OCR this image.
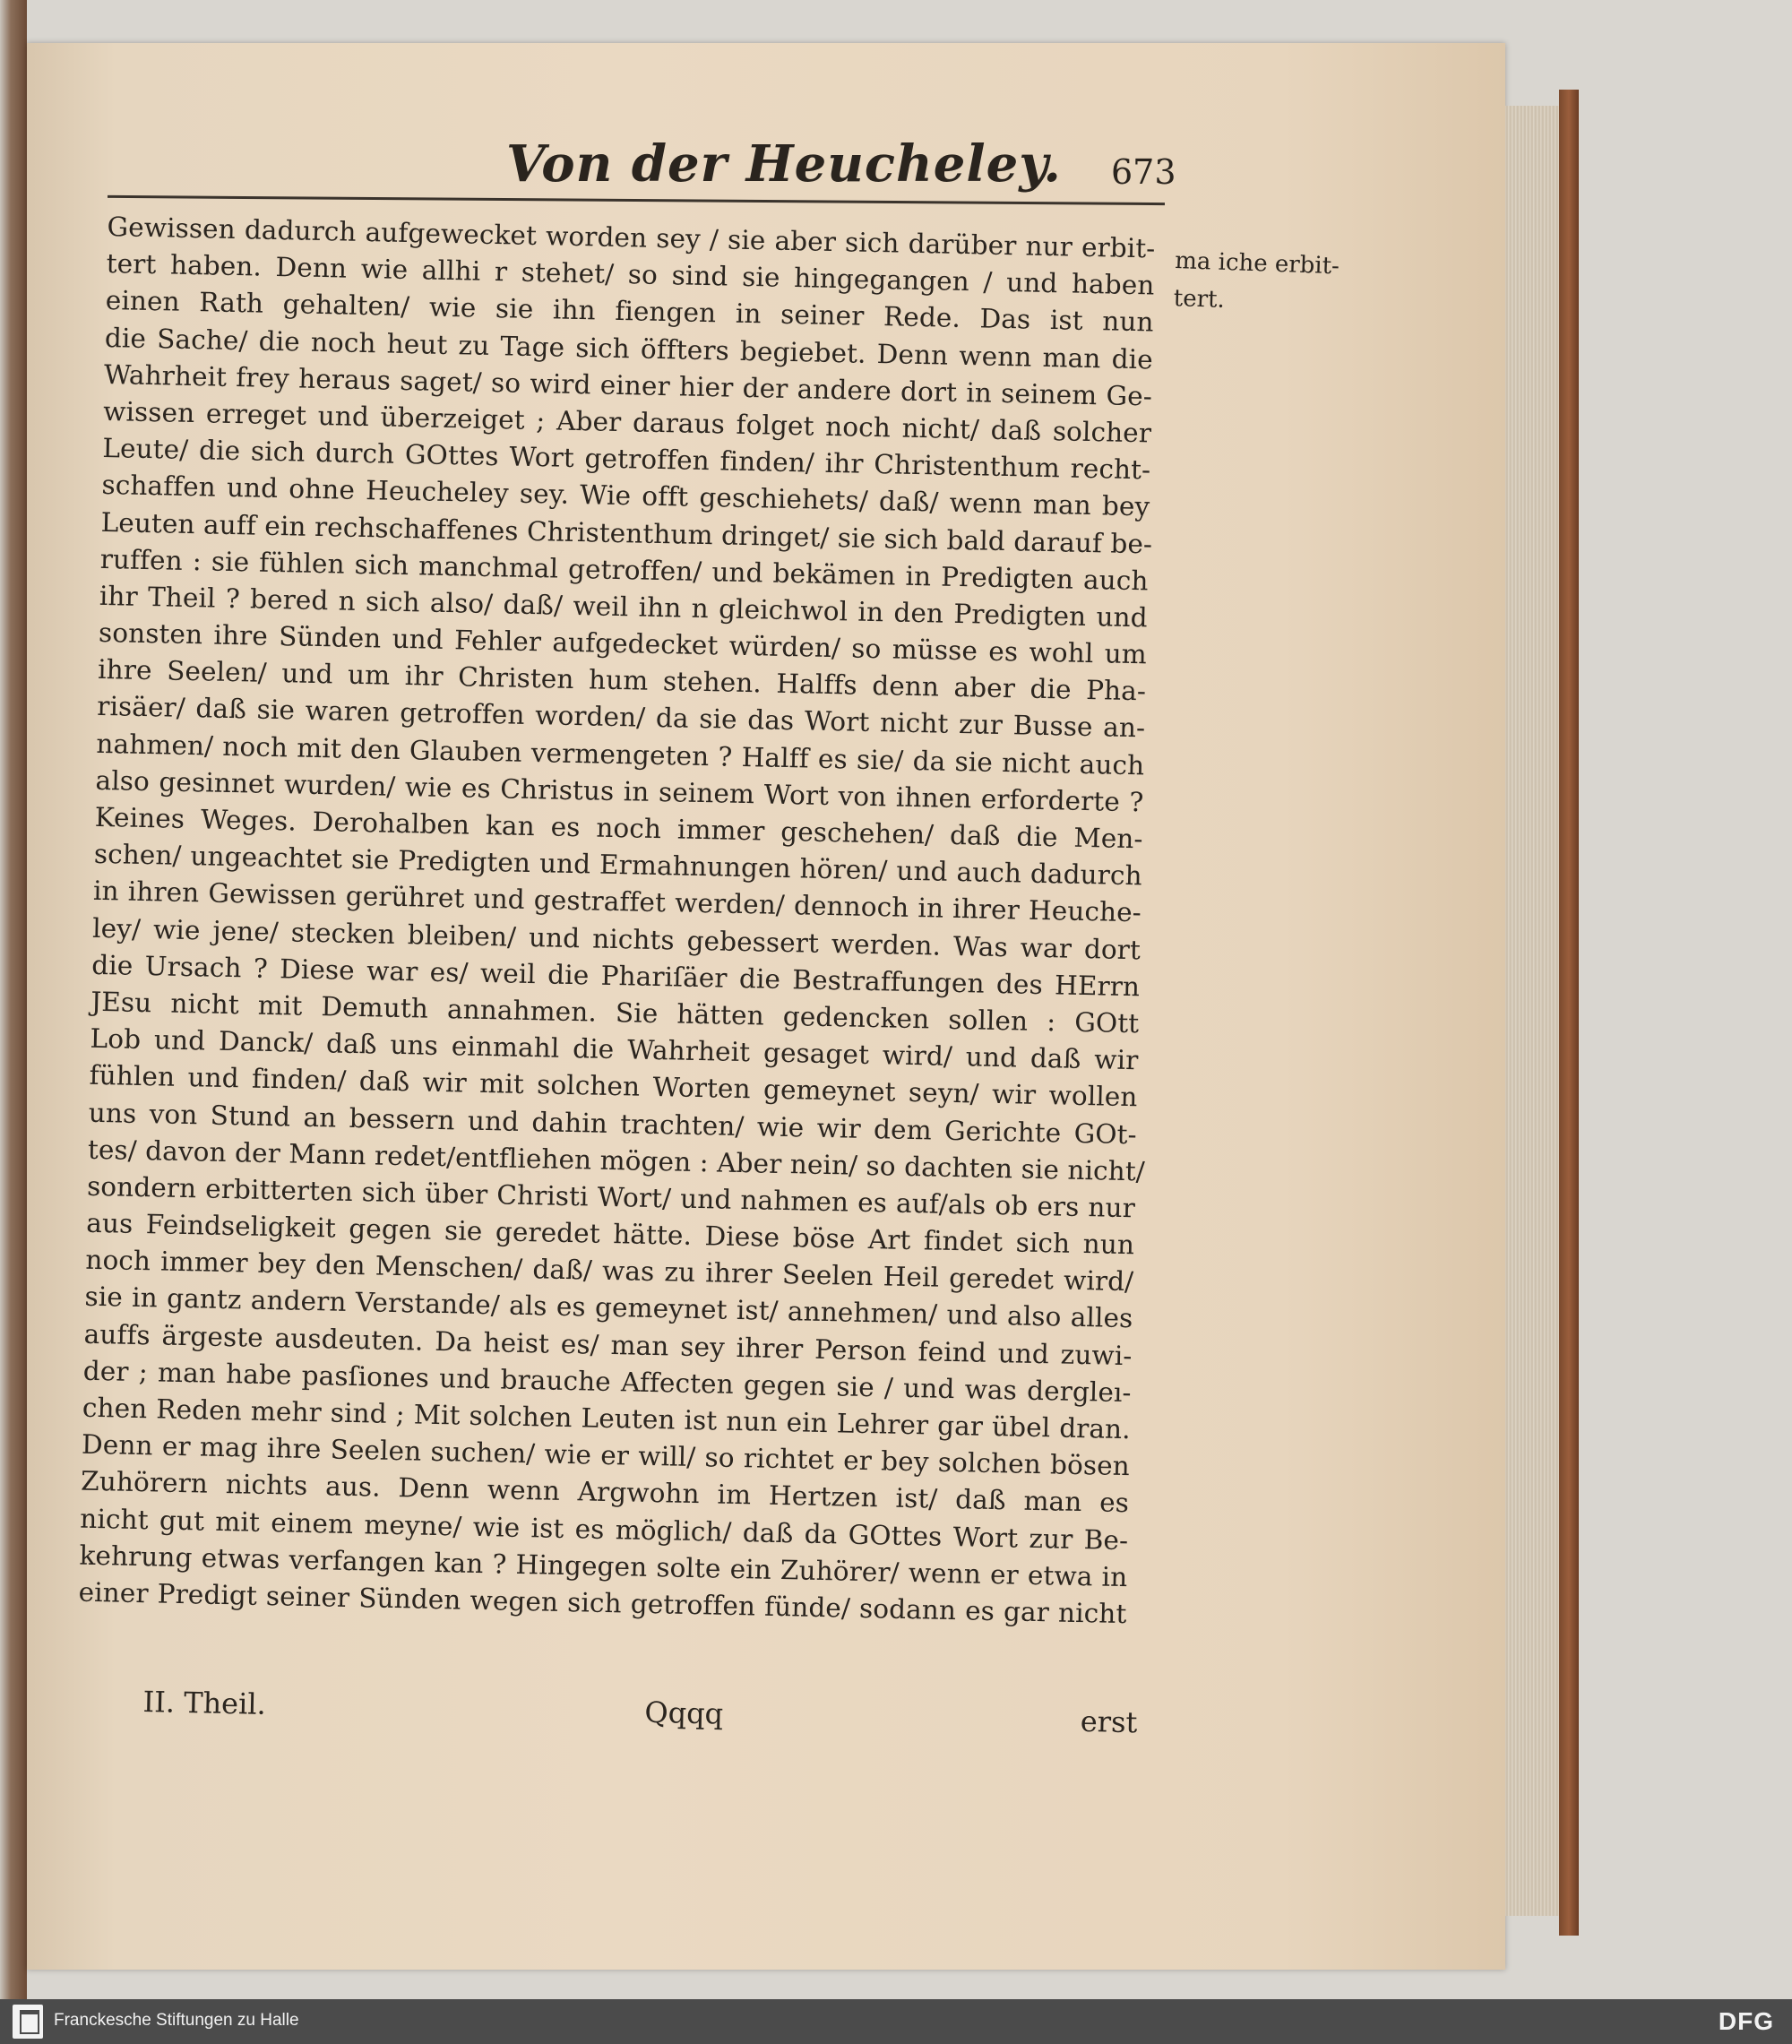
Von der Heucheley. 673
Gewissen dadurch aufgewecket worden sey / sie aber sich darüber nur erbit-
tert haben. Denn wie allhi r stehet/ so sind sie hingegangen / und haben
einen Rath gehalten/ wie sie ihn fiengen in seiner Rede. Das ist nun
die Sache/ die noch heut zu Tage sich öffters begiebet. Denn wenn man die
Wahrheit frey heraus saget/ so wird einer hier der andere dort in seinem Ge-
wissen erreget und überzeiget ; Aber daraus folget noch nicht/ daß solcher
Leute/ die sich durch GOttes Wort getroffen finden/ ihr Christenthum recht-
schaffen und ohne Heucheley sey. Wie offt geschiehets/ daß/ wenn man bey
Leuten auff ein rechschaffenes Christenthum dringet/ sie sich bald darauf be-
ruffen : sie fühlen sich manchmal getroffen/ und bekämen in Predigten auch
ihr Theil ? bered n sich also/ daß/ weil ihn n gleichwol in den Predigten und
sonsten ihre Sünden und Fehler aufgedecket würden/ so müsse es wohl um
ihre Seelen/ und um ihr Christen hum stehen. Halffs denn aber die Pha-
risäer/ daß sie waren getroffen worden/ da sie das Wort nicht zur Busse an-
nahmen/ noch mit den Glauben vermengeten ? Halff es sie/ da sie nicht auch
also gesinnet wurden/ wie es Christus in seinem Wort von ihnen erforderte ?
Keines Weges. Derohalben kan es noch immer geschehen/ daß die Men-
schen/ ungeachtet sie Predigten und Ermahnungen hören/ und auch dadurch
in ihren Gewissen gerühret und gestraffet werden/ dennoch in ihrer Heuche-
ley/ wie jene/ stecken bleiben/ und nichts gebessert werden. Was war dort
die Ursach ? Diese war es/ weil die Phariſäer die Bestraffungen des HErrn
JEsu nicht mit Demuth annahmen. Sie hätten gedencken sollen : GOtt
Lob und Danck/ daß uns einmahl die Wahrheit gesaget wird/ und daß wir
fühlen und finden/ daß wir mit solchen Worten gemeynet seyn/ wir wollen
uns von Stund an bessern und dahin trachten/ wie wir dem Gerichte GOt-
tes/ davon der Mann redet/entfliehen mögen : Aber nein/ so dachten sie nicht/
sondern erbitterten sich über Christi Wort/ und nahmen es auf/als ob ers nur
aus Feindseligkeit gegen sie geredet hätte. Diese böse Art findet sich nun
noch immer bey den Menschen/ daß/ was zu ihrer Seelen Heil geredet wird/
sie in gantz andern Verstande/ als es gemeynet ist/ annehmen/ und also alles
auffs ärgeste ausdeuten. Da heist es/ man sey ihrer Person feind und zuwi-
der ; man habe pasſiones und brauche Affecten gegen sie / und was dergleı-
chen Reden mehr sind ; Mit solchen Leuten ist nun ein Lehrer gar übel dran.
Denn er mag ihre Seelen suchen/ wie er will/ so richtet er bey solchen bösen
Zuhörern nichts aus. Denn wenn Argwohn im Hertzen ist/ daß man es
nicht gut mit einem meyne/ wie ist es möglich/ daß da GOttes Wort zur Be-
kehrung etwas verfangen kan ? Hingegen solte ein Zuhörer/ wenn er etwa in
einer Predigt seiner Sünden wegen sich getroffen fünde/ sodann es gar nicht
ma iche erbit-
tert.
II. Theil.	Qqqq	erst
Franckesche Stiftungen zu Halle	DFG
